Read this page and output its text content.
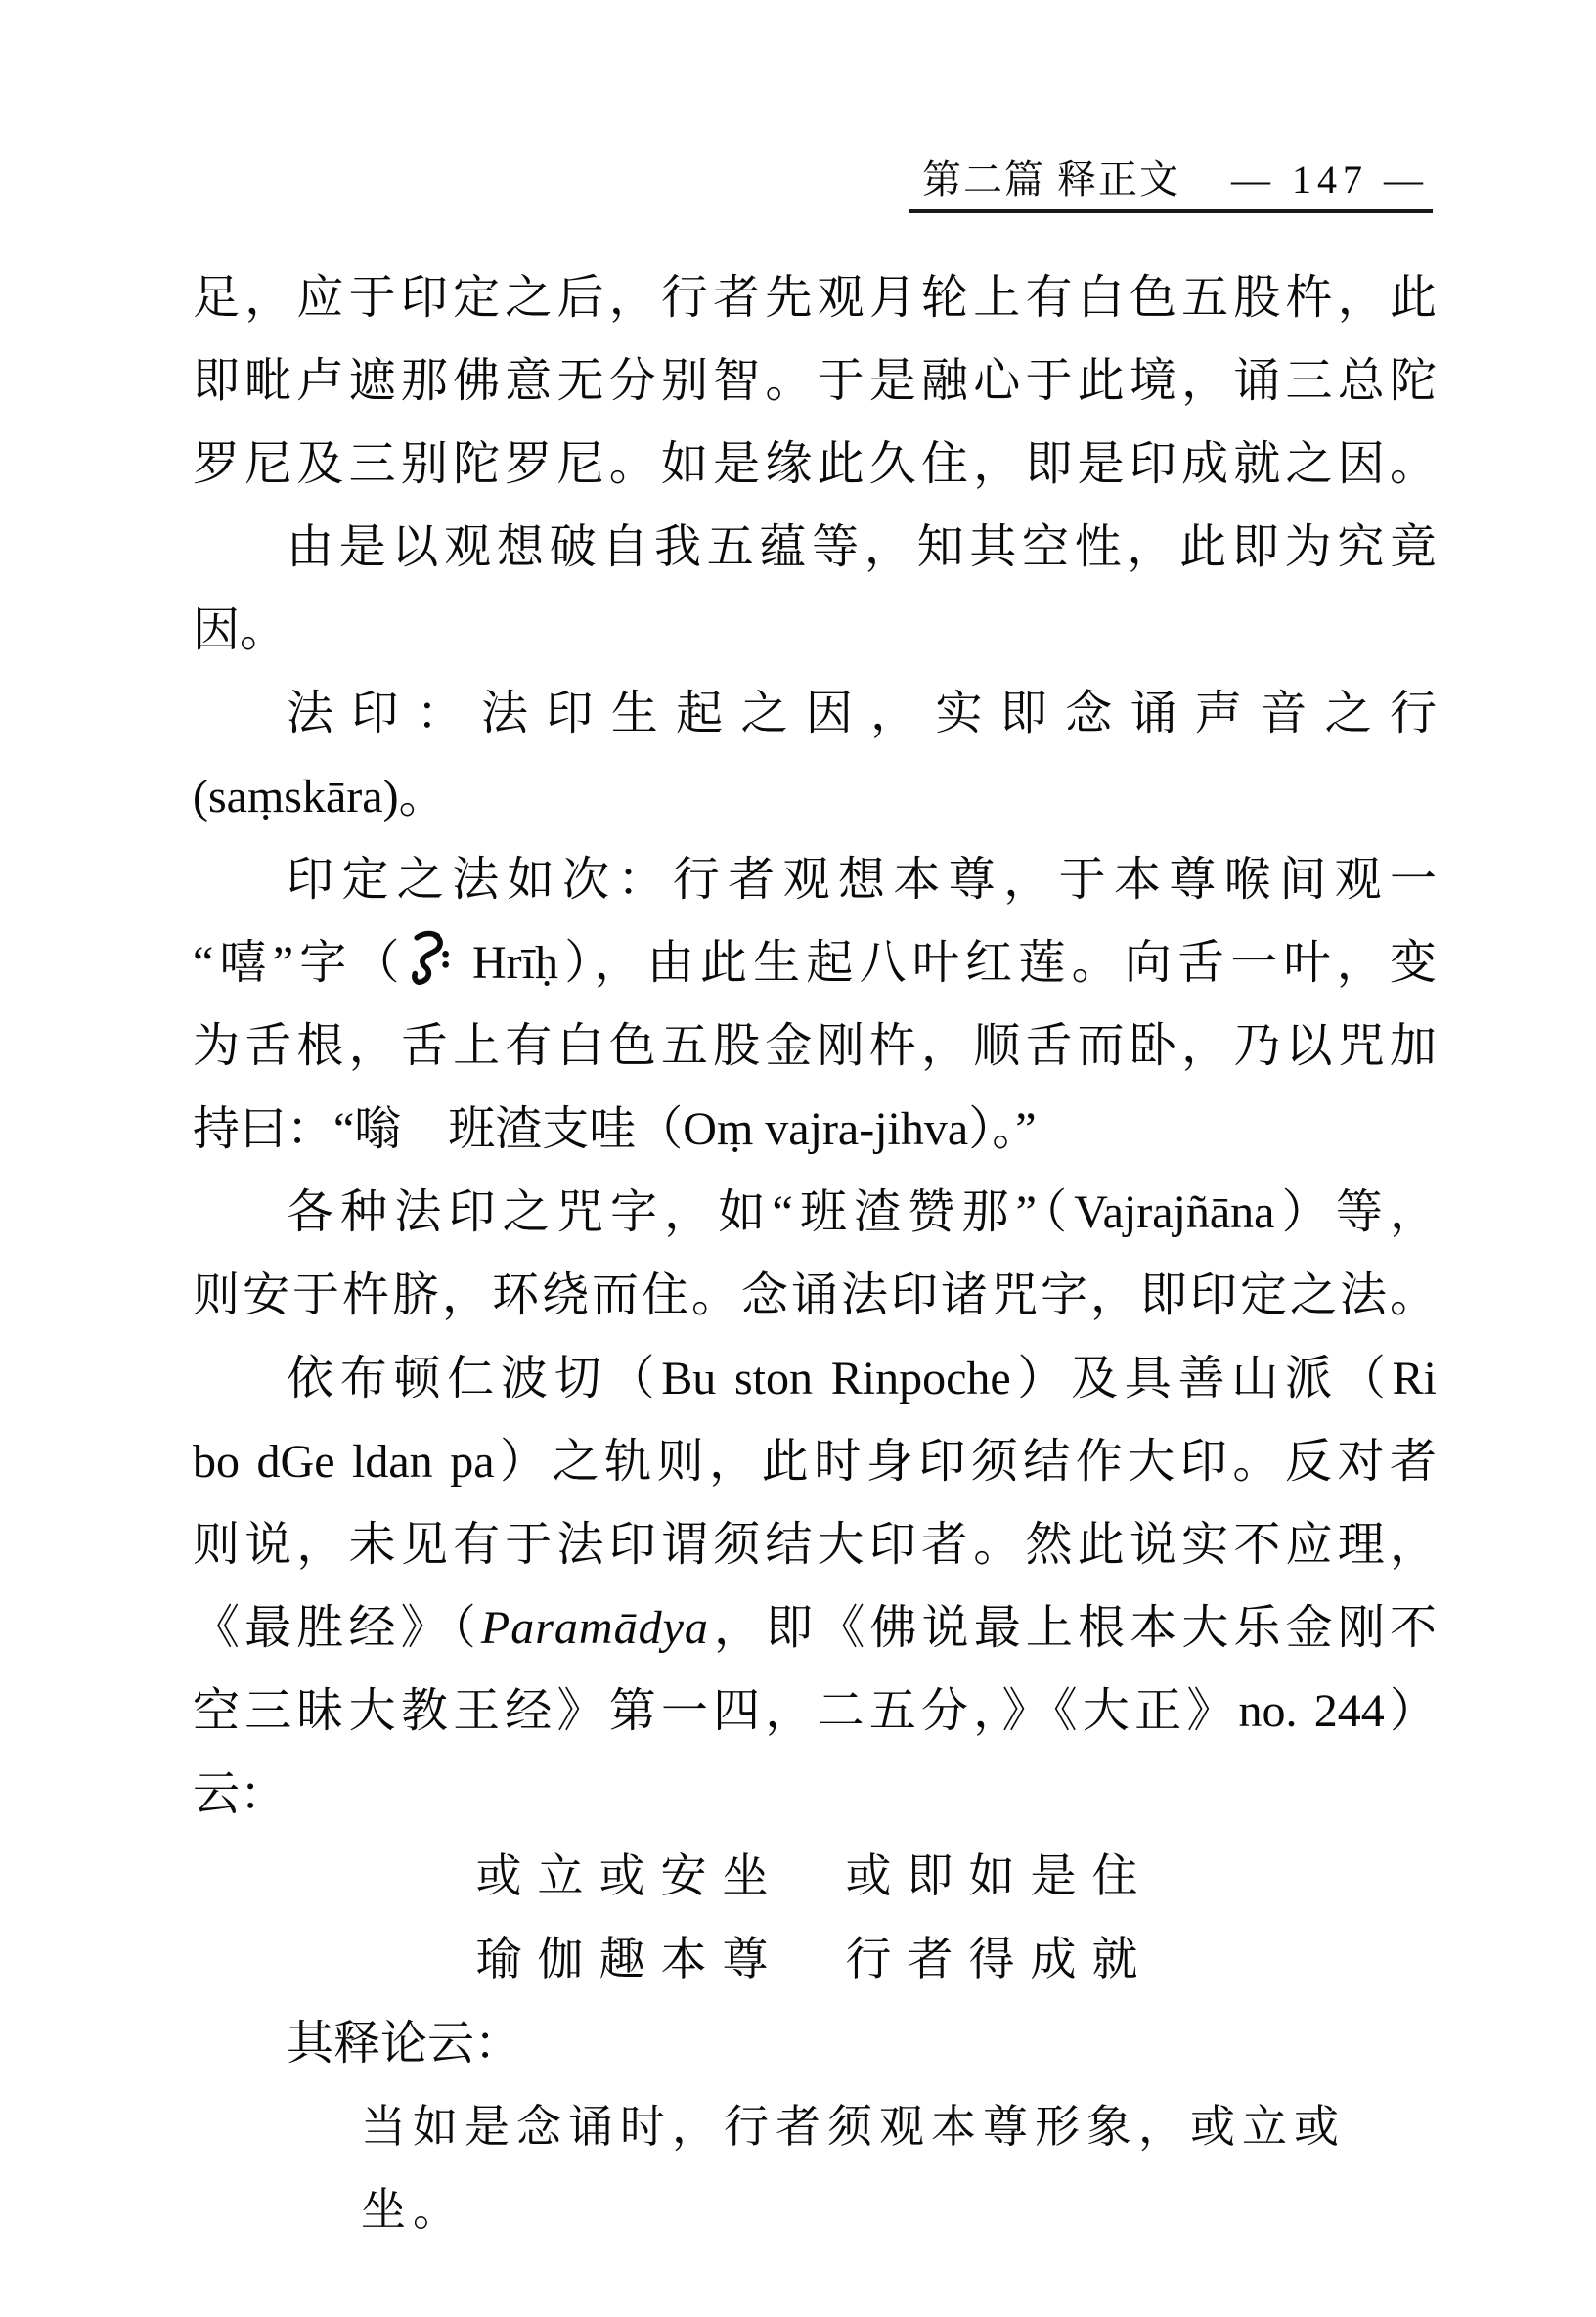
第二篇 释正文 — 147 —
足，应于印定之后，行者先观月轮上有白色五股杵，此
即毗卢遮那佛意无分别智。于是融心于此境，诵三总陀
罗尼及三别陀罗尼。如是缘此久住，即是印成就之因。
由是以观想破自我五蕴等，知其空性，此即为究竟
因。
法印：法印生起之因，实即念诵声音之行
(saṃskāra)。
印定之法如次：行者观想本尊，于本尊喉间观一
“嘻”字（ Hrīḥ），由此生起八叶红莲。向舌一叶，变
为舌根，舌上有白色五股金刚杵，顺舌而卧，乃以咒加
持曰：“嗡　班渣支哇（Oṃ vajra-jihva）。”
各种法印之咒字，如“班渣赞那”（Vajrajñāna）等，
则安于杵脐，环绕而住。念诵法印诸咒字，即印定之法。
依布顿仁波切（Bu ston Rinpoche）及具善山派（Ri
bo dGe ldan pa）之轨则，此时身印须结作大印。反对者
则说，未见有于法印谓须结大印者。然此说实不应理，
《最胜经》（Paramādya，即《佛说最上根本大乐金刚不
空三昧大教王经》第一四，二五分，》《大正》no. 244）
云：
或立或安坐　或即如是住
瑜伽趣本尊　行者得成就
其释论云：
当如是念诵时，行者须观本尊形象，或立或坐。
